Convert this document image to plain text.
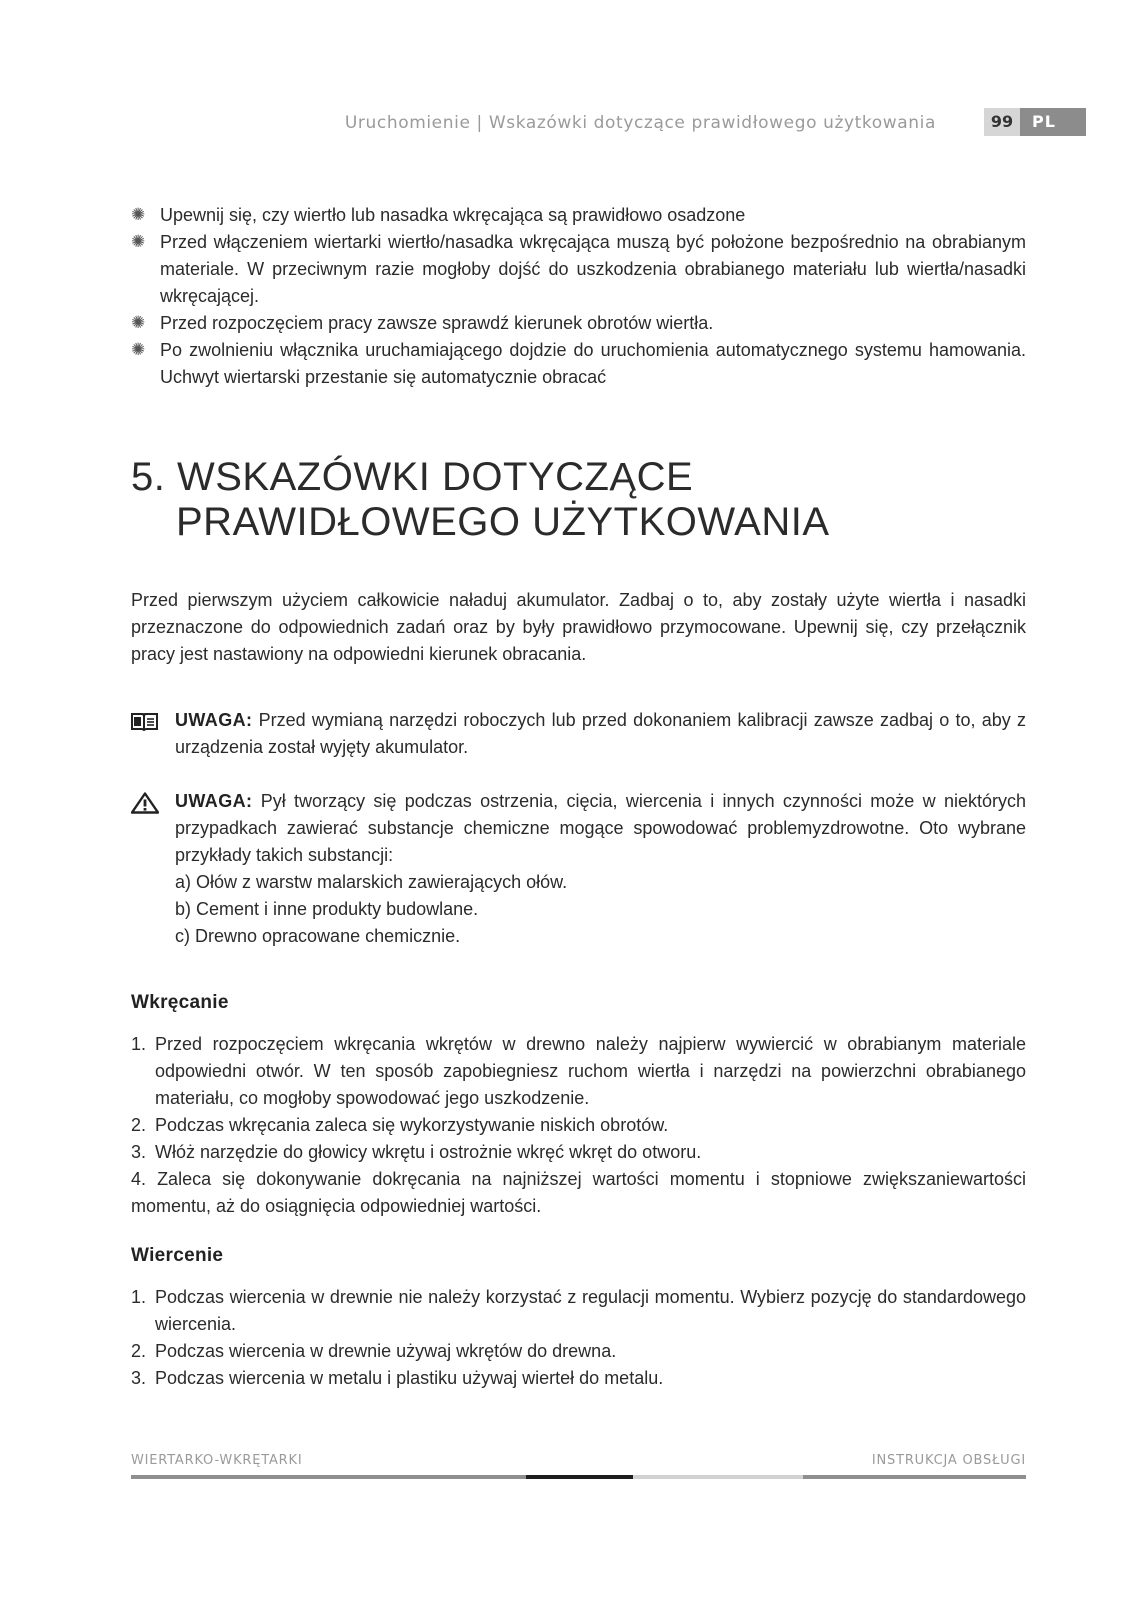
Uruchomienie | Wskazówki dotyczące prawidłowego użytkowania	99	PL
✺ Upewnij się, czy wiertło lub nasadka wkręcająca są prawidłowo osadzone
✺ Przed włączeniem wiertarki wiertło/nasadka wkręcająca muszą być położone bezpośrednio na obrabianym materiale. W przeciwnym razie mogłoby dojść do uszkodzenia obrabianego materiału lub wiertła/nasadki wkręcającej.
✺ Przed rozpoczęciem pracy zawsze sprawdź kierunek obrotów wiertła.
✺ Po zwolnieniu włącznika uruchamiającego dojdzie do uruchomienia automatycznego systemu hamowania. Uchwyt wiertarski przestanie się automatycznie obracać
5. WSKAZÓWKI DOTYCZĄCE
PRAWIDŁOWEGO UŻYTKOWANIA
Przed pierwszym użyciem całkowicie naładuj akumulator. Zadbaj o to, aby zostały użyte wiertła i nasadki przeznaczone do odpowiednich zadań oraz by były prawidłowo przymocowane. Upewnij się, czy przełącznik pracy jest nastawiony na odpowiedni kierunek obracania.
UWAGA: Przed wymianą narzędzi roboczych lub przed dokonaniem kalibracji zawsze zadbaj o to, aby z urządzenia został wyjęty akumulator.
UWAGA: Pył tworzący się podczas ostrzenia, cięcia, wiercenia i innych czynności może w niektórych przypadkach zawierać substancje chemiczne mogące spowodować problemyzdrowotne. Oto wybrane przykłady takich substancji:
a) Ołów z warstw malarskich zawierających ołów.
b) Cement i inne produkty budowlane.
c) Drewno opracowane chemicznie.
Wkręcanie
1. Przed rozpoczęciem wkręcania wkrętów w drewno należy najpierw wywiercić w obrabianym materiale odpowiedni otwór. W ten sposób zapobiegniesz ruchom wiertła i narzędzi na powierzchni obrabianego materiału, co mogłoby spowodować jego uszkodzenie.
2. Podczas wkręcania zaleca się wykorzystywanie niskich obrotów.
3. Włóż narzędzie do głowicy wkrętu i ostrożnie wkręć wkręt do otworu.
4. Zaleca się dokonywanie dokręcania na najniższej wartości momentu i stopniowe zwiększaniewartości momentu, aż do osiągnięcia odpowiedniej wartości.
Wiercenie
1. Podczas wiercenia w drewnie nie należy korzystać z regulacji momentu. Wybierz pozycję do standardowego wiercenia.
2. Podczas wiercenia w drewnie używaj wkrętów do drewna.
3. Podczas wiercenia w metalu i plastiku używaj wierteł do metalu.
WIERTARKO-WKRĘTARKI	INSTRUKCJA OBSŁUGI
